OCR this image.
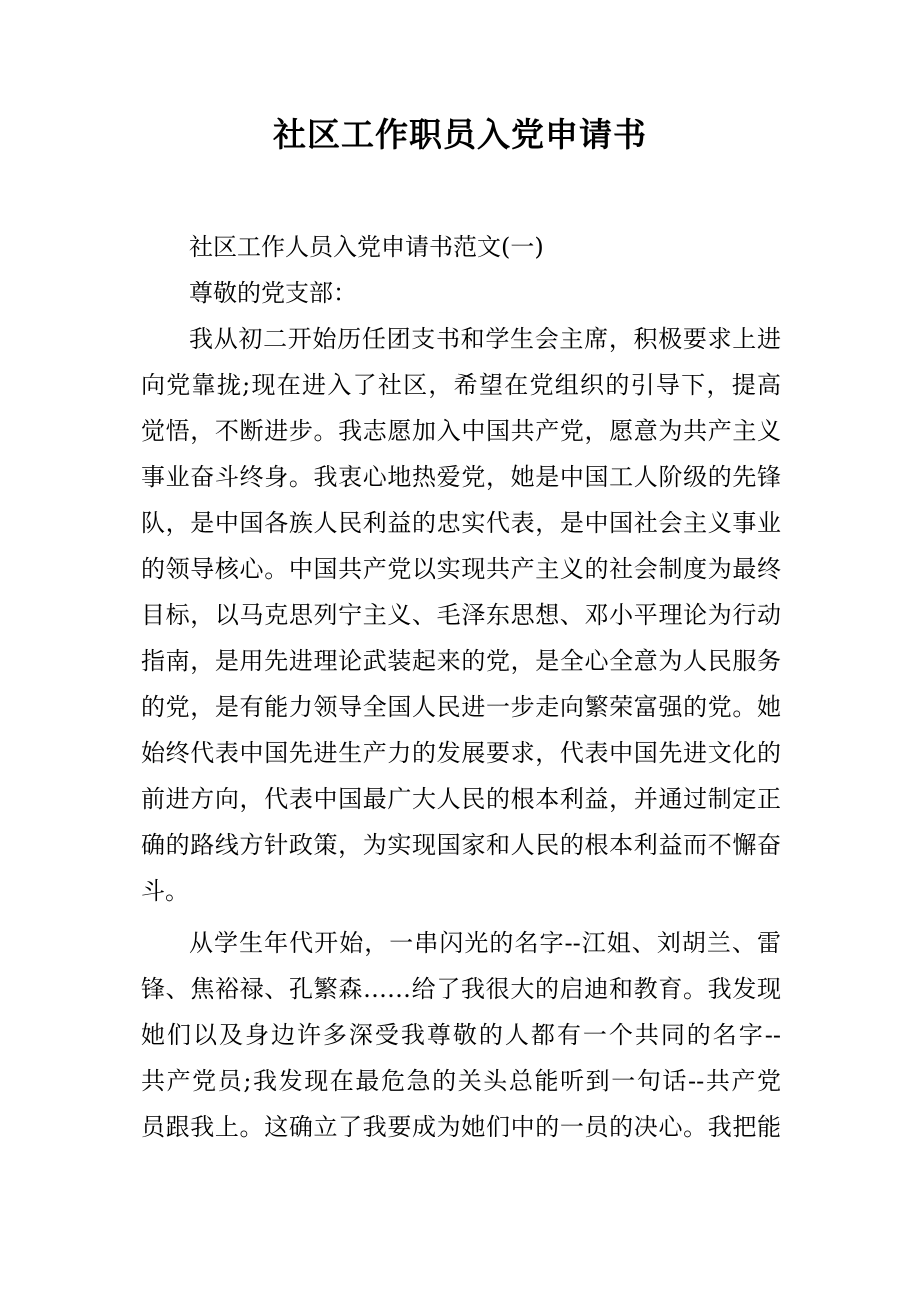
社区工作职员入党申请书
社区工作人员入党申请书范文(一)
尊敬的党支部：
我从初二开始历任团支书和学生会主席，积极要求上进
向党靠拢;现在进入了社区，希望在党组织的引导下，提高
觉悟，不断进步。我志愿加入中国共产党，愿意为共产主义
事业奋斗终身。我衷心地热爱党，她是中国工人阶级的先锋
队，是中国各族人民利益的忠实代表，是中国社会主义事业
的领导核心。中国共产党以实现共产主义的社会制度为最终
目标，以马克思列宁主义、毛泽东思想、邓小平理论为行动
指南，是用先进理论武装起来的党，是全心全意为人民服务
的党，是有能力领导全国人民进一步走向繁荣富强的党。她
始终代表中国先进生产力的发展要求，代表中国先进文化的
前进方向，代表中国最广大人民的根本利益，并通过制定正
确的路线方针政策，为实现国家和人民的根本利益而不懈奋
斗。
从学生年代开始，一串闪光的名字--江姐、刘胡兰、雷
锋、焦裕禄、孔繁森……给了我很大的启迪和教育。我发现
她们以及身边许多深受我尊敬的人都有一个共同的名字--
共产党员;我发现在最危急的关头总能听到一句话--共产党
员跟我上。这确立了我要成为她们中的一员的决心。我把能
